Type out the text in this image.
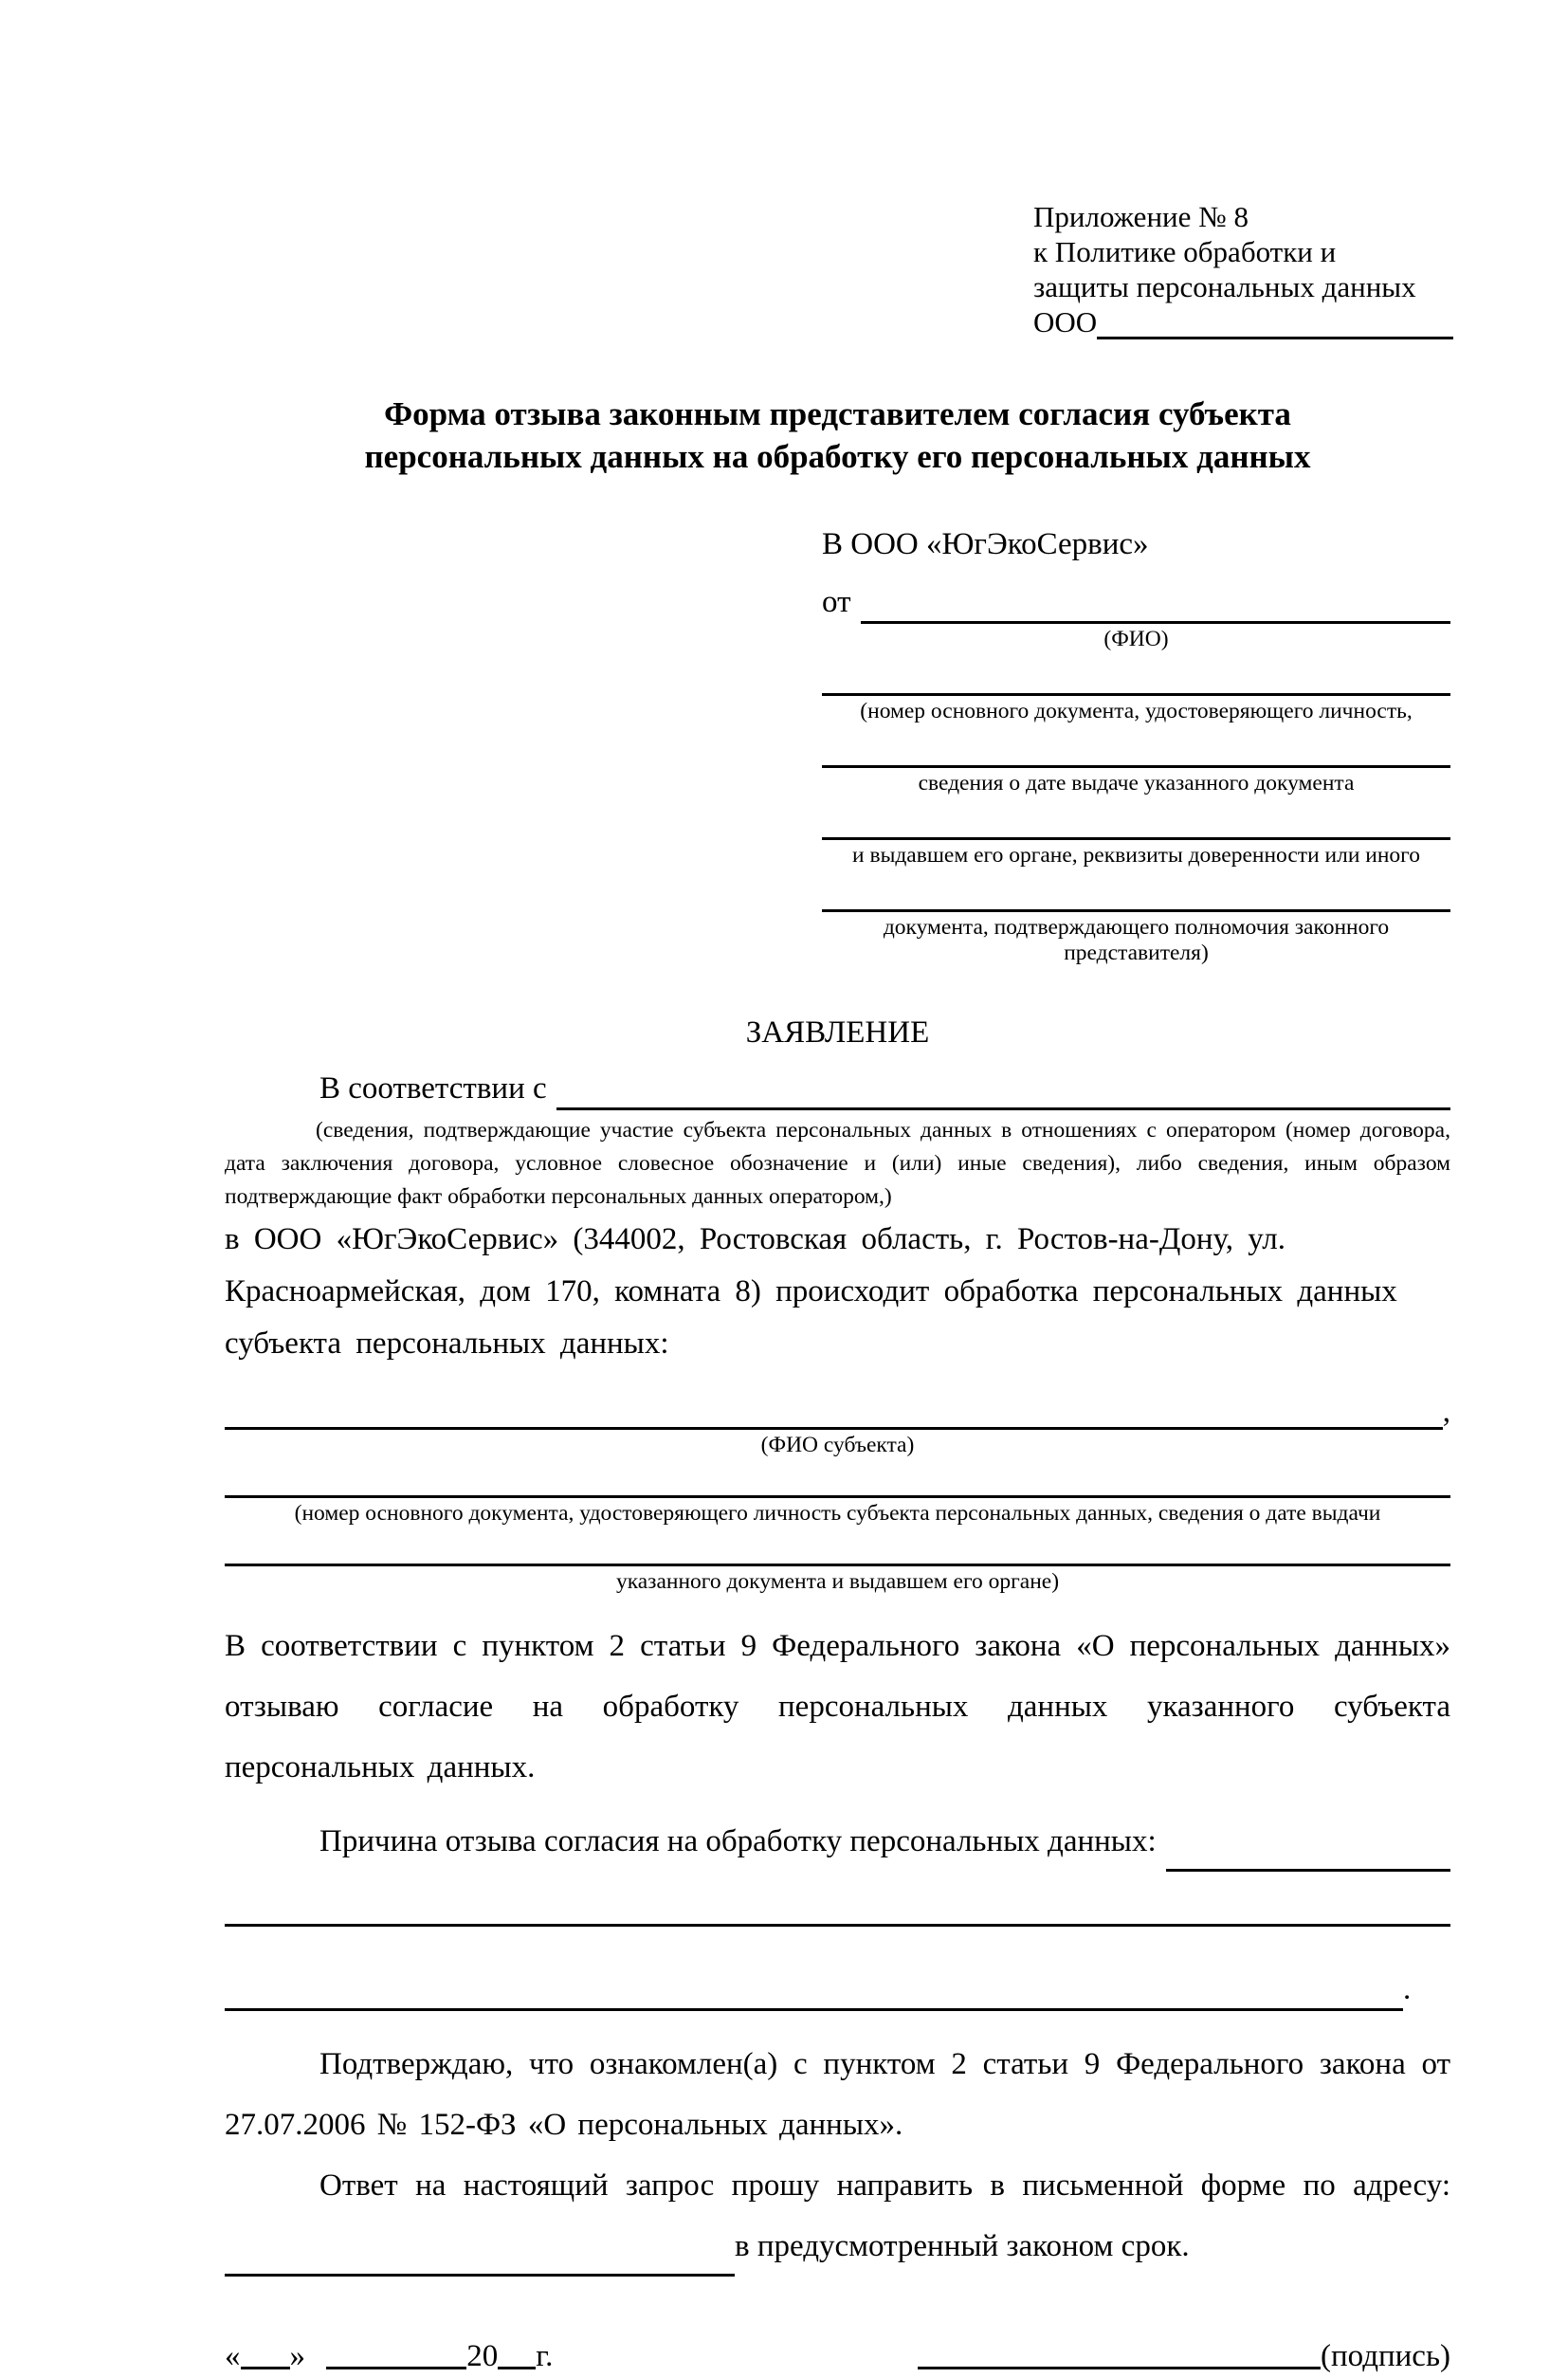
Приложение № 8
к Политике обработки и
защиты персональных данных
ООО
Форма отзыва законным представителем согласия субъекта
персональных данных на обработку его персональных данных
В ООО «ЮгЭкоСервис»
от
(ФИО)
(номер основного документа, удостоверяющего личность,
сведения о дате выдаче указанного документа
и выдавшем его органе, реквизиты доверенности или иного
документа, подтверждающего полномочия законного представителя)
ЗАЯВЛЕНИЕ
В соответствии с
(сведения, подтверждающие участие субъекта персональных данных в отношениях с оператором (номер договора, дата заключения договора, условное словесное обозначение и (или) иные сведения), либо сведения, иным образом подтверждающие факт обработки персональных данных оператором,)
в ООО «ЮгЭкоСервис» (344002, Ростовская область, г. Ростов-на-Дону, ул.
Красноармейская, дом 170, комната 8) происходит обработка персональных данных
субъекта персональных данных:
,
(ФИО субъекта)
(номер основного документа, удостоверяющего личность субъекта персональных данных, сведения о дате выдачи
указанного документа и выдавшем его органе)
В соответствии с пунктом 2 статьи 9 Федерального закона «О персональных данных» отзываю согласие на обработку персональных данных указанного субъекта персональных данных.
Причина отзыва согласия на обработку персональных данных:
.
Подтверждаю, что ознакомлен(а) с пунктом 2 статьи 9 Федерального закона от 27.07.2006 № 152-ФЗ «О персональных данных».
Ответ на настоящий запрос прошу направить в письменной форме по адресу:
в предусмотренный законом срок.
« »	20 г.	(подпись)
